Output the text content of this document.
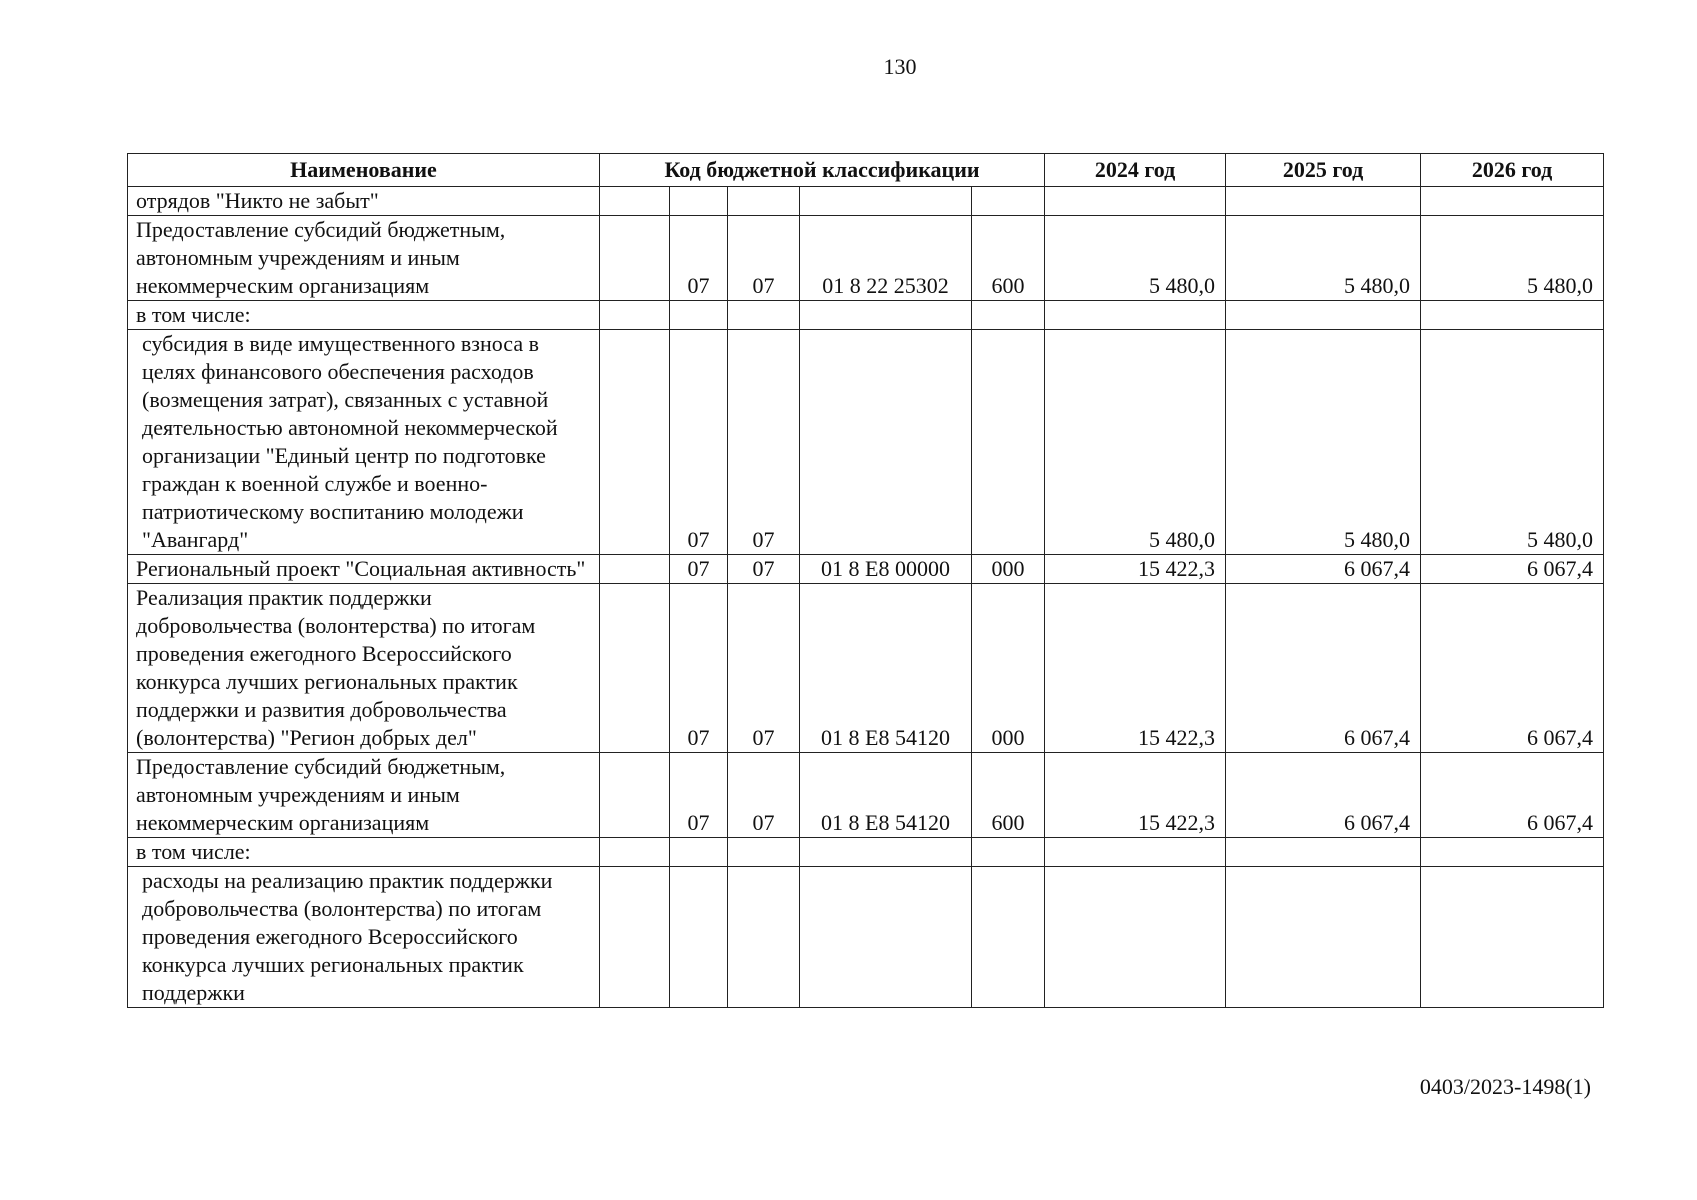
130
Наименование	Код бюджетной классификации					2024 год	2025 год	2026 год
отрядов "Никто не забыт"								
Предоставление субсидий бюджетным, автономным учреждениям и иным некоммерческим организациям		07	07	01 8 22 25302	600	5 480,0	5 480,0	5 480,0
в том числе:								
субсидия в виде имущественного взноса в целях финансового обеспечения расходов (возмещения затрат), связанных с уставной деятельностью автономной некоммерческой организации "Единый центр по подготовке граждан к военной службе и военно-патриотическому воспитанию молодежи "Авангард"		07	07			5 480,0	5 480,0	5 480,0
Региональный проект "Социальная активность"		07	07	01 8 E8 00000	000	15 422,3	6 067,4	6 067,4
Реализация практик поддержки добровольчества (волонтерства) по итогам проведения ежегодного Всероссийского конкурса лучших региональных практик поддержки и развития добровольчества (волонтерства) "Регион добрых дел"		07	07	01 8 E8 54120	000	15 422,3	6 067,4	6 067,4
Предоставление субсидий бюджетным, автономным учреждениям и иным некоммерческим организациям		07	07	01 8 E8 54120	600	15 422,3	6 067,4	6 067,4
в том числе:								
расходы на реализацию практик поддержки добровольчества (волонтерства) по итогам проведения ежегодного Всероссийского конкурса лучших региональных практик поддержки								
0403/2023-1498(1)
